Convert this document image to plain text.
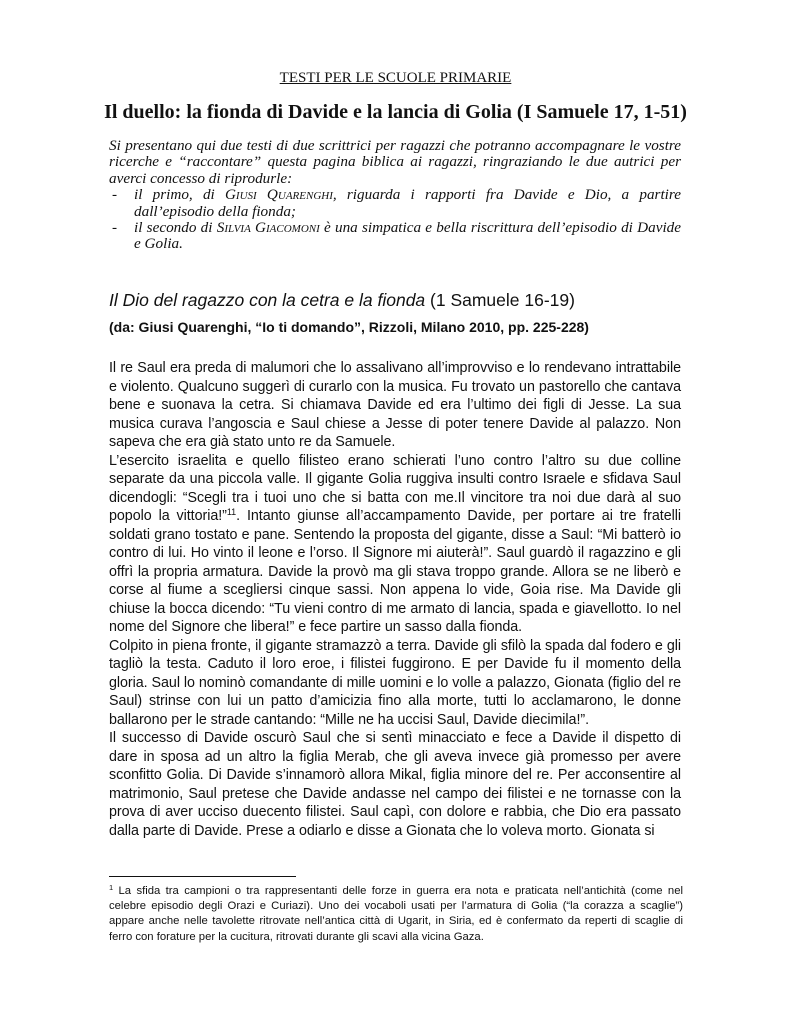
TESTI PER LE SCUOLE PRIMARIE
Il duello: la fionda di Davide e la lancia di Golia (I Samuele 17, 1-51)

Si presentano qui due testi di due scrittrici per ragazzi che potranno accompagnare le vostre ricerche e “raccontare” questa pagina biblica ai ragazzi, ringraziando le due autrici per averci concesso di riprodurle:

- il primo, di Giusi Quarenghi, riguarda i rapporti fra Davide e Dio, a partire dall’episodio della fionda;
- il secondo di Silvia Giacomoni è una simpatica e bella riscrittura dell’episodio di Davide e Golia.
Il Dio del ragazzo con la cetra e la fionda (1 Samuele 16-19)
(da: Giusi Quarenghi, “Io ti domando”, Rizzoli, Milano 2010, pp. 225-228)

Il re Saul era preda di malumori che lo assalivano all’improvviso e lo rendevano intrattabile e violento. Qualcuno suggerì di curarlo con la musica. Fu trovato un pastorello che cantava bene e suonava la cetra. Si chiamava Davide ed era l’ultimo dei figli di Jesse. La sua musica curava l’angoscia e Saul chiese a Jesse di poter tenere Davide al palazzo. Non sapeva che era già stato unto re da Samuele.

L’esercito israelita e quello filisteo erano schierati l’uno contro l’altro su due colline separate da una piccola valle. Il gigante Golia ruggiva insulti contro Israele e sfidava Saul dicendogli: “Scegli tra i tuoi uno che si batta con me.Il vincitore tra noi due darà al suo popolo la vittoria!”$^{11}$. Intanto giunse all’accampamento Davide, per portare ai tre fratelli soldati grano tostato e pane. Sentendo la proposta del gigante, disse a Saul: “Mi batterò io contro di lui. Ho vinto il leone e l’orso. Il Signore mi aiuterà!”. Saul guardò il ragazzino e gli offrì la propria armatura. Davide la provò ma gli stava troppo grande. Allora se ne liberò e corse al fiume a scegliersi cinque sassi. Non appena lo vide, Goia rise. Ma Davide gli chiuse la bocca dicendo: “Tu vieni contro di me armato di lancia, spada e giavellotto. Io nel nome del Signore che libera!” e fece partire un sasso dalla fionda.

Colpito in piena fronte, il gigante stramazzò a terra. Davide gli sfilò la spada dal fodero e gli tagliò la testa. Caduto il loro eroe, i filistei fuggirono. E per Davide fu il momento della gloria. Saul lo nominò comandante di mille uomini e lo volle a palazzo, Gionata (figlio del re Saul) strinse con lui un patto d’amicizia fino alla morte, tutti lo acclamarono, le donne ballarono per le strade cantando: “Mille ne ha uccisi Saul, Davide diecimila!”.

Il successo di Davide oscurò Saul che si sentì minacciato e fece a Davide il dispetto di dare in sposa ad un altro la figlia Merab, che gli aveva invece già promesso per avere sconfitto Golia. Di Davide s’innamorò allora Mikal, figlia minore del re. Per acconsentire al matrimonio, Saul pretese che Davide andasse nel campo dei filistei e ne tornasse con la prova di aver ucciso duecento filistei. Saul capì, con dolore e rabbia, che Dio era passato dalla parte di Davide. Prese a odiarlo e disse a Gionata che lo voleva morto. Gionata si

$^1$ La sfida tra campioni o tra rappresentanti delle forze in guerra era nota e praticata nell’antichità (come nel celebre episodio degli Orazi e Curiazi). Uno dei vocaboli usati per l’armatura di Golia (“la corazza a scaglie”) appare anche nelle tavolette ritrovate nell’antica città di Ugarit, in Siria, ed è confermato da reperti di scaglie di ferro con forature per la cucitura, ritrovati durante gli scavi alla vicina Gaza.
